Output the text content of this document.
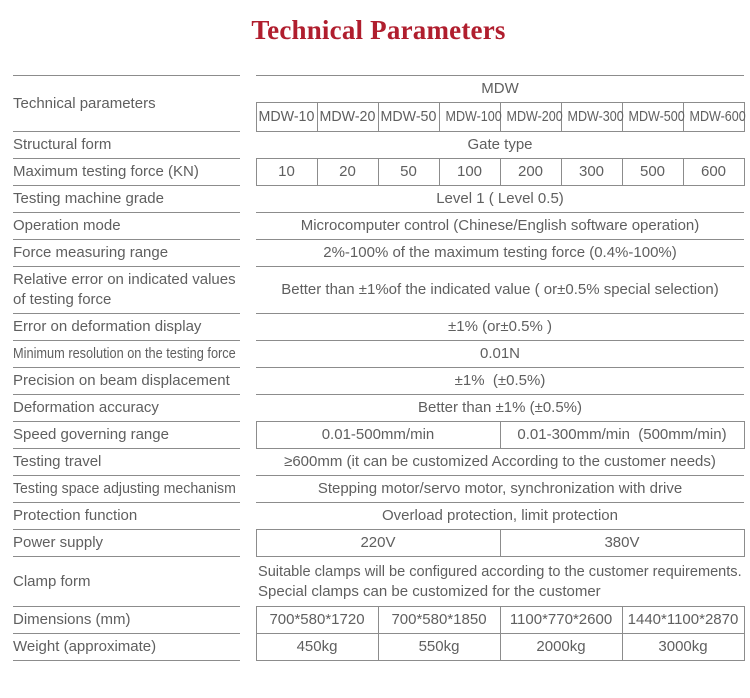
Technical Parameters
Technical parameters		MDW							

		MDW-10	MDW-20	MDW-50	MDW-100	MDW-200	MDW-300	MDW-500	MDW-600

Structural form		Gate type							

Maximum testing force (KN)		10	20	50	100	200	300	500	600

Testing machine grade		Level 1 ( Level 0.5)							

Operation mode		Microcomputer control (Chinese/English software operation)							

Force measuring range		2%-100% of the maximum testing force (0.4%-100%)							

Relative error on indicated values
of testing force		Better than ±1%of the indicated value ( or±0.5% special selection)							

Error on deformation display		±1% (or±0.5% )							

Minimum resolution on the testing force		0.01N							

Precision on beam displacement		±1%  (±0.5%)							

Deformation accuracy		Better than ±1% (±0.5%)							

Speed governing range		0.01-500mm/min				0.01-300mm/min  (500mm/min)			

Testing travel		≥600mm (it can be customized According to the customer needs)							

Testing space adjusting mechanism		Stepping motor/servo motor, synchronization with drive							

Protection function		Overload protection, limit protection							

Power supply		220V				380V			

Clamp form		Suitable clamps will be configured according to the customer requirements.
Special clamps can be customized for the customer							

Dimensions (mm)		700*580*1720		700*580*1850		1100*770*2600		1440*1100*2870	

Weight (approximate)		450kg		550kg		2000kg		3000kg	
